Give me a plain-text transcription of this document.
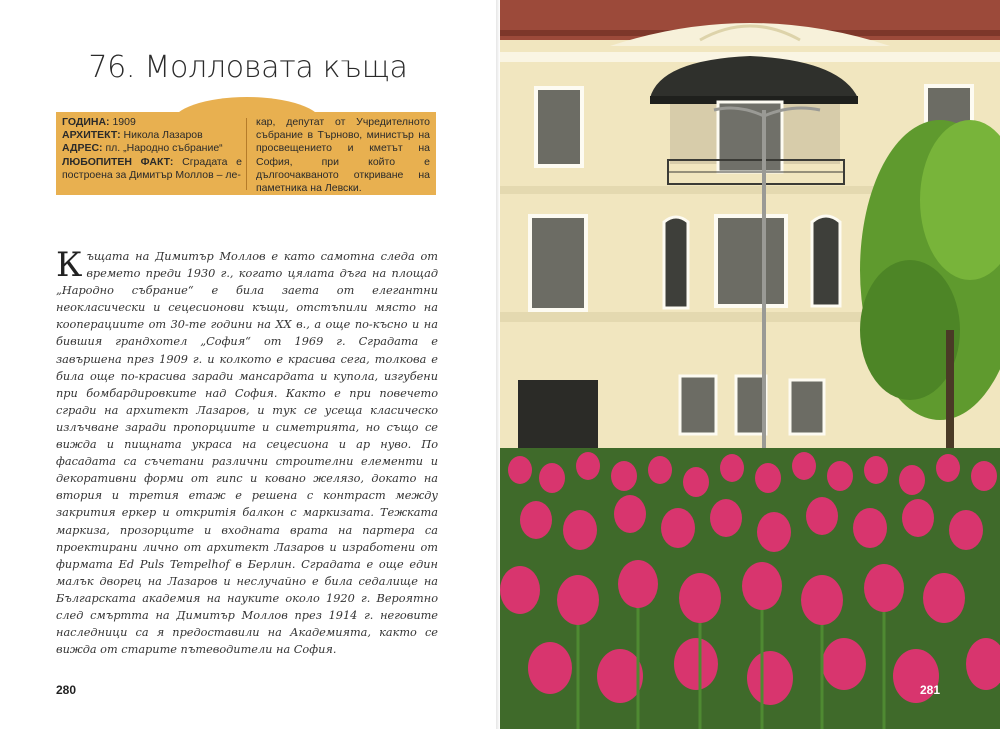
76. Молловата къща
ГОДИНА: 1909
АРХИТЕКТ: Никола Лазаров
АДРЕС: пл. „Народно събрание“
ЛЮБОПИТЕН ФАКТ: Сградата е построена за Димитър Моллов – ле-
кар, депутат от Учредителното събрание в Търново, министър на просвещението и кметът на София, при който е дългоочакваното откриване на паметника на Левски.

Къщата на Димитър Моллов е като самотна следа от времето преди 1930 г., когато цялата дъга на площад „Народно събрание“ е била заета от елегантни неокласически и сецесионови къщи, отстъпили място на кооперациите от 30-те години на XX в., а още по-късно и на бившия грандхотел „София“ от 1969 г. Сградата е завършена през 1909 г. и колкото е красива сега, толкова е била още по-красива заради мансардата и купола, изгубени при бомбардировките над София. Както е при повечето сгради на архитект Лазаров, и тук се усеща класическо излъчване заради пропорциите и симетрията, но също се вижда и пищната украса на сецесиона и ар нуво. По фасадата са съчетани различни строителни елементи и декоративни форми от гипс и ковано желязо, докато на втория и третия етаж е решена с контраст между закрития еркер и откритія балкон с маркизата. Тежката маркиза, прозорците и входната врата на партера са проектирани лично от архитект Лазаров и изработени от фирмата Ed Puls Tempelhof в Берлин. Сградата е още един малък дворец на Лазаров и неслучайно е била седалище на Българската академия на науките около 1920 г. Вероятно след смъртта на Димитър Моллов през 1914 г. неговите наследници са я предоставили на Академията, както се вижда от старите пътеводители на София.

280	281
